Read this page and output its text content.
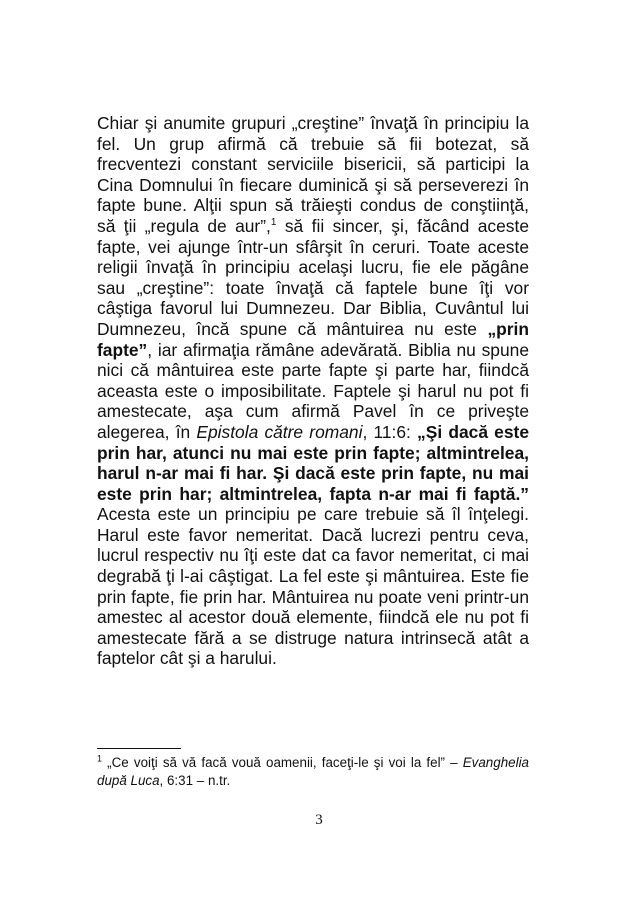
Chiar şi anumite grupuri „creştine” învaţă în principiu la fel. Un grup afirmă că trebuie să fii botezat, să frecventezi constant serviciile bisericii, să participi la Cina Domnului în fiecare duminică şi să perseverezi în fapte bune. Alţii spun să trăieşti condus de conştiinţă, să ţii „regula de aur”,$^1$ să fii sincer, şi, făcând aceste fapte, vei ajunge într-un sfârşit în ceruri. Toate aceste religii învaţă în principiu acelaşi lucru, fie ele păgâne sau „creştine”: toate învaţă că faptele bune îţi vor câştiga favorul lui Dumnezeu. Dar Biblia, Cuvântul lui Dumnezeu, încă spune că mântuirea nu este „prin fapte”, iar afirmaţia rămâne adevărată. Biblia nu spune nici că mântuirea este parte fapte şi parte har, fiindcă aceasta este o imposibilitate. Faptele şi harul nu pot fi amestecate, aşa cum afirmă Pavel în ce priveşte alegerea, în Epistola către romani, 11:6: „Şi dacă este prin har, atunci nu mai este prin fapte; altmintrelea, harul n-ar mai fi har. Şi dacă este prin fapte, nu mai este prin har; altmintrelea, fapta n-ar mai fi faptă.” Acesta este un principiu pe care trebuie să îl înţelegi. Harul este favor nemeritat. Dacă lucrezi pentru ceva, lucrul respectiv nu îţi este dat ca favor nemeritat, ci mai degrabă ţi l-ai câştigat. La fel este şi mântuirea. Este fie prin fapte, fie prin har. Mântuirea nu poate veni printr-un amestec al acestor două elemente, fiindcă ele nu pot fi amestecate fără a se distruge natura intrinsecă atât a faptelor cât şi a harului.

$^1$ „Ce voiţi să vă facă vouă oamenii, faceţi-le şi voi la fel” – Evanghelia după Luca, 6:31 – n.tr.

3
